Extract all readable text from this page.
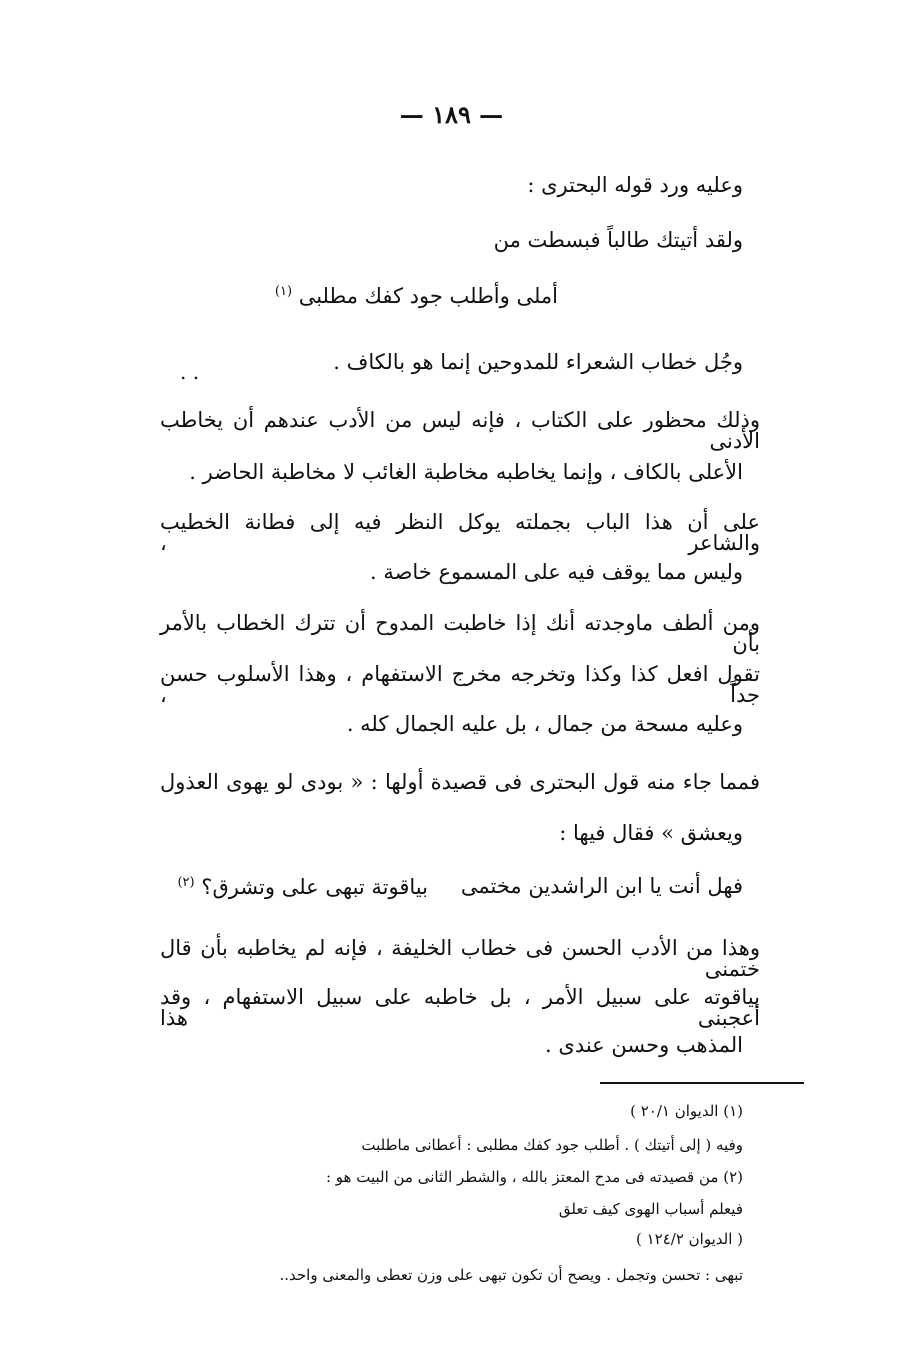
— ١٨٩ —
وعليه ورد قوله البحترى :
ولقد أتيتك طالباً فبسطت من
أملى وأطلب جود كفك مطلبى $^{(١)}$
وجُل خطاب الشعراء للمدوحين إنما هو بالكاف .
. .
وذلك محظور على الكتاب ، فإنه ليس من الأدب عندهم أن يخاطب الأدنى
الأعلى بالكاف ، وإنما يخاطبه مخاطبة الغائب لا مخاطبة الحاضر .
على أن هذا الباب بجملته يوكل النظر فيه إلى فطانة الخطيب والشاعر ،
وليس مما يوقف فيه على المسموع خاصة .
ومن ألطف ماوجدته أنك إذا خاطبت المدوح أن تترك الخطاب بالأمر بأن
تقول افعل كذا وكذا وتخرجه مخرج الاستفهام ، وهذا الأسلوب حسن جداً ،
وعليه مسحة من جمال ، بل عليه الجمال كله .
فمما جاء منه قول البحترى فى قصيدة أولها : « بودى لو يهوى العذول
ويعشق » فقال فيها :
فهل أنت يا ابن الراشدين مختمى
بياقوتة تبهى على وتشرق؟ $^{(٢)}$
وهذا من الأدب الحسن فى خطاب الخليفة ، فإنه لم يخاطبه بأن قال ختمنى
بياقوته على سبيل الأمر ، بل خاطبه على سبيل الاستفهام ، وقد أعجبنى هذا
المذهب وحسن عندى .
(١) الديوان ٢٠/١ )
وفيه ( إلى أتيتك ) . أطلب جود كفك مطلبى : أعطانى ماطلبت
(٢) من قصيدته فى مدح المعتز بالله ، والشطر الثانى من البيت هو :
فيعلم أسباب الهوى كيف تعلق
( الديوان ١٢٤/٢ )
تبهى : تحسن وتجمل . ويصح أن تكون تبهى على وزن تعطى والمعنى واحد..
